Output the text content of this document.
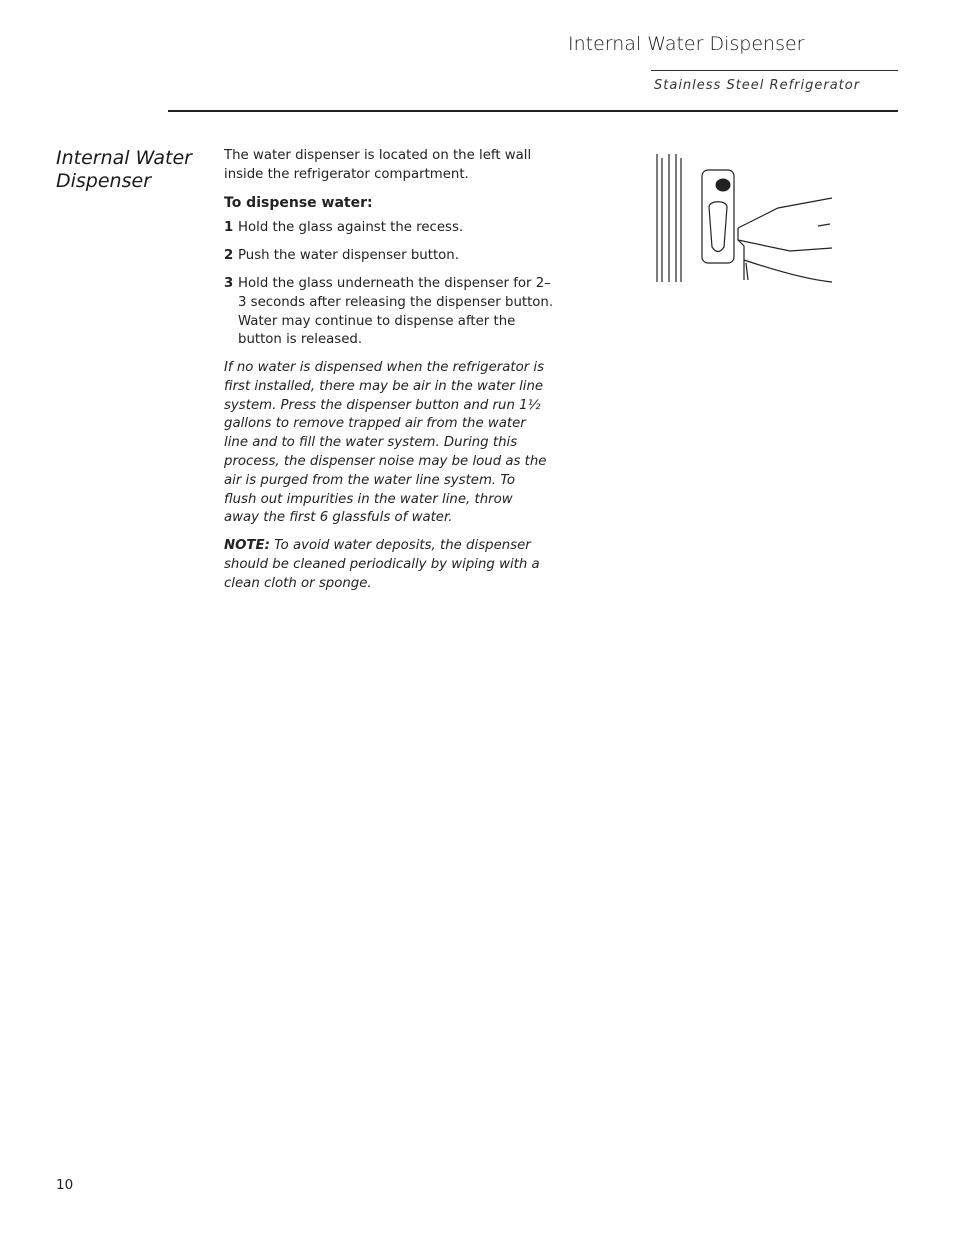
Internal Water Dispenser
Stainless Steel Refrigerator
Internal Water Dispenser
The water dispenser is located on the left wall inside the refrigerator compartment.
To dispense water:
1 Hold the glass against the recess.
2 Push the water dispenser button.
3 Hold the glass underneath the dispenser for 2–3 seconds after releasing the dispenser button. Water may continue to dispense after the button is released.
If no water is dispensed when the refrigerator is first installed, there may be air in the water line system. Press the dispenser button and run 1½ gallons to remove trapped air from the water line and to fill the water system. During this process, the dispenser noise may be loud as the air is purged from the water line system. To flush out impurities in the water line, throw away the first 6 glassfuls of water.
NOTE: To avoid water deposits, the dispenser should be cleaned periodically by wiping with a clean cloth or sponge.
10
